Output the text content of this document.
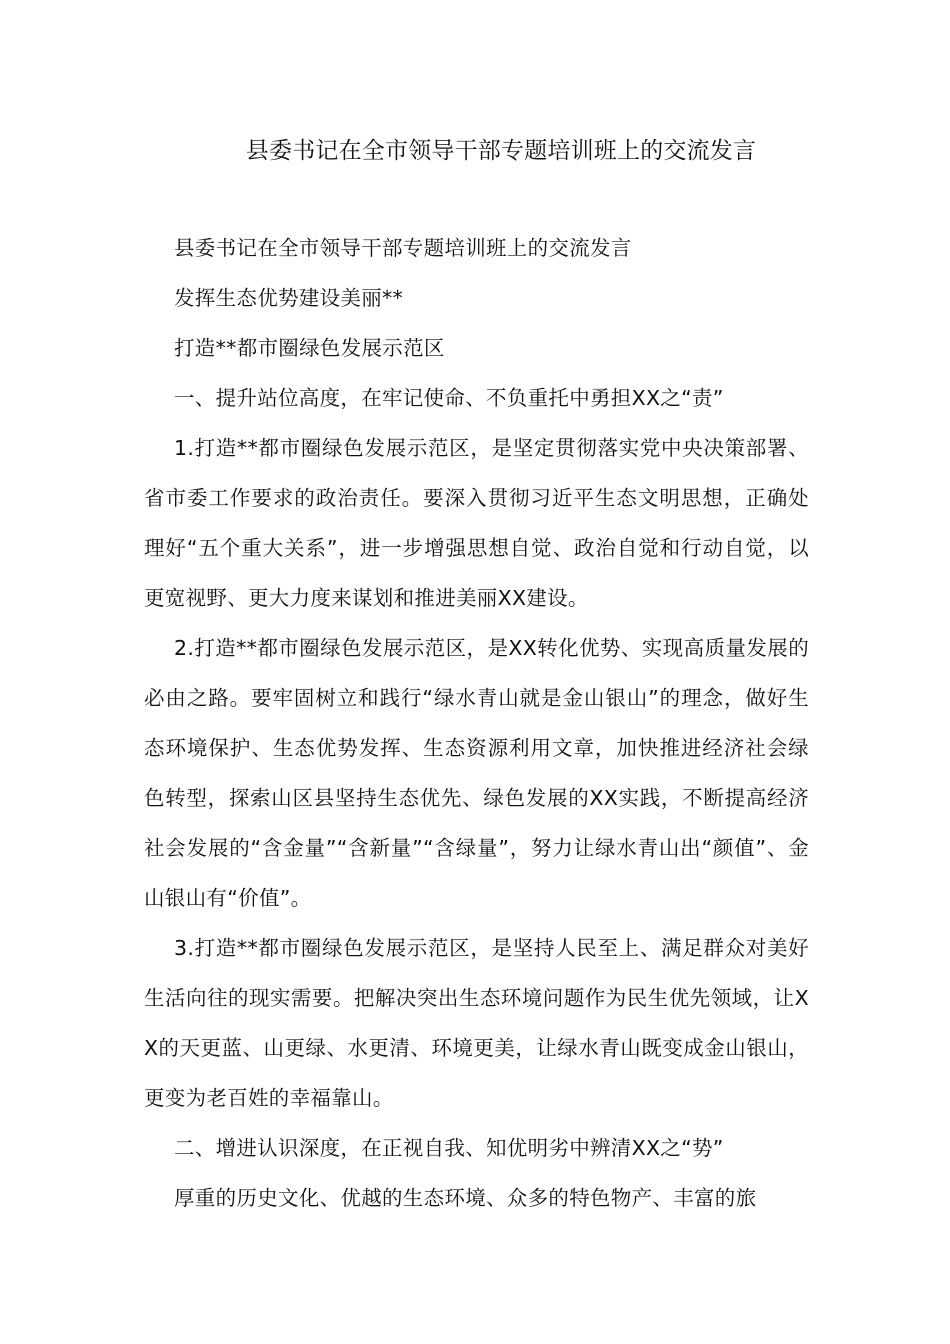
县委书记在全市领导干部专题培训班上的交流发言

县委书记在全市领导干部专题培训班上的交流发言

发挥生态优势建设美丽**

打造**都市圈绿色发展示范区

一、提升站位高度，在牢记使命、不负重托中勇担XX之“责”

1.打造**都市圈绿色发展示范区，是坚定贯彻落实党中央决策部署、省市委工作要求的政治责任。要深入贯彻习近平生态文明思想，正确处理好“五个重大关系”，进一步增强思想自觉、政治自觉和行动自觉，以更宽视野、更大力度来谋划和推进美丽XX建设。

2.打造**都市圈绿色发展示范区，是XX转化优势、实现高质量发展的必由之路。要牢固树立和践行“绿水青山就是金山银山”的理念，做好生态环境保护、生态优势发挥、生态资源利用文章，加快推进经济社会绿色转型，探索山区县坚持生态优先、绿色发展的XX实践，不断提高经济社会发展的“含金量”“含新量”“含绿量”，努力让绿水青山出“颜值”、金山银山有“价值”。

3.打造**都市圈绿色发展示范区，是坚持人民至上、满足群众对美好生活向往的现实需要。把解决突出生态环境问题作为民生优先领域，让XX的天更蓝、山更绿、水更清、环境更美，让绿水青山既变成金山银山，更变为老百姓的幸福靠山。

二、增进认识深度，在正视自我、知优明劣中辨清XX之“势”

厚重的历史文化、优越的生态环境、众多的特色物产、丰富的旅
